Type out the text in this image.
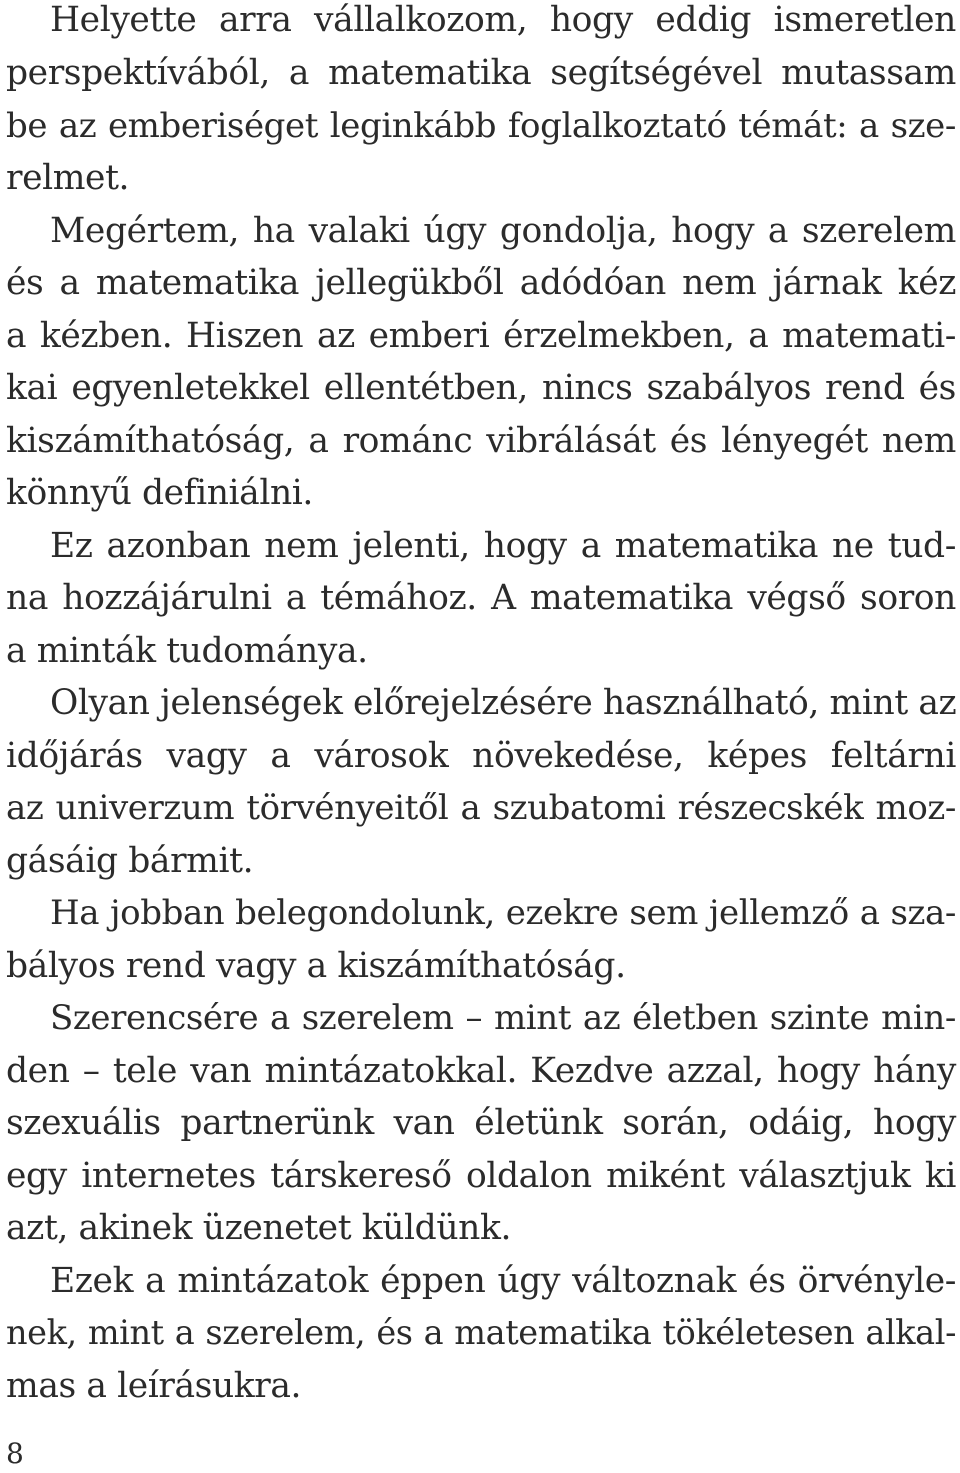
Helyette arra vállalkozom, hogy eddig ismeretlen
perspektívából, a matematika segítségével mutassam
be az emberiséget leginkább foglalkoztató témát: a sze-
relmet.
Megértem, ha valaki úgy gondolja, hogy a szerelem
és a matematika jellegükből adódóan nem járnak kéz
a kézben. Hiszen az emberi érzelmekben, a matemati-
kai egyenletekkel ellentétben, nincs szabályos rend és
kiszámíthatóság, a románc vibrálását és lényegét nem
könnyű definiálni.
Ez azonban nem jelenti, hogy a matematika ne tud-
na hozzájárulni a témához. A matematika végső soron
a minták tudománya.
Olyan jelenségek előrejelzésére használható, mint az
időjárás vagy a városok növekedése, képes feltárni
az univerzum törvényeitől a szubatomi részecskék moz-
gásáig bármit.
Ha jobban belegondolunk, ezekre sem jellemző a sza-
bályos rend vagy a kiszámíthatóság.
Szerencsére a szerelem – mint az életben szinte min-
den – tele van mintázatokkal. Kezdve azzal, hogy hány
szexuális partnerünk van életünk során, odáig, hogy
egy internetes társkereső oldalon miként választjuk ki
azt, akinek üzenetet küldünk.
Ezek a mintázatok éppen úgy változnak és örvényle-
nek, mint a szerelem, és a matematika tökéletesen alkal-
mas a leírásukra.
8
